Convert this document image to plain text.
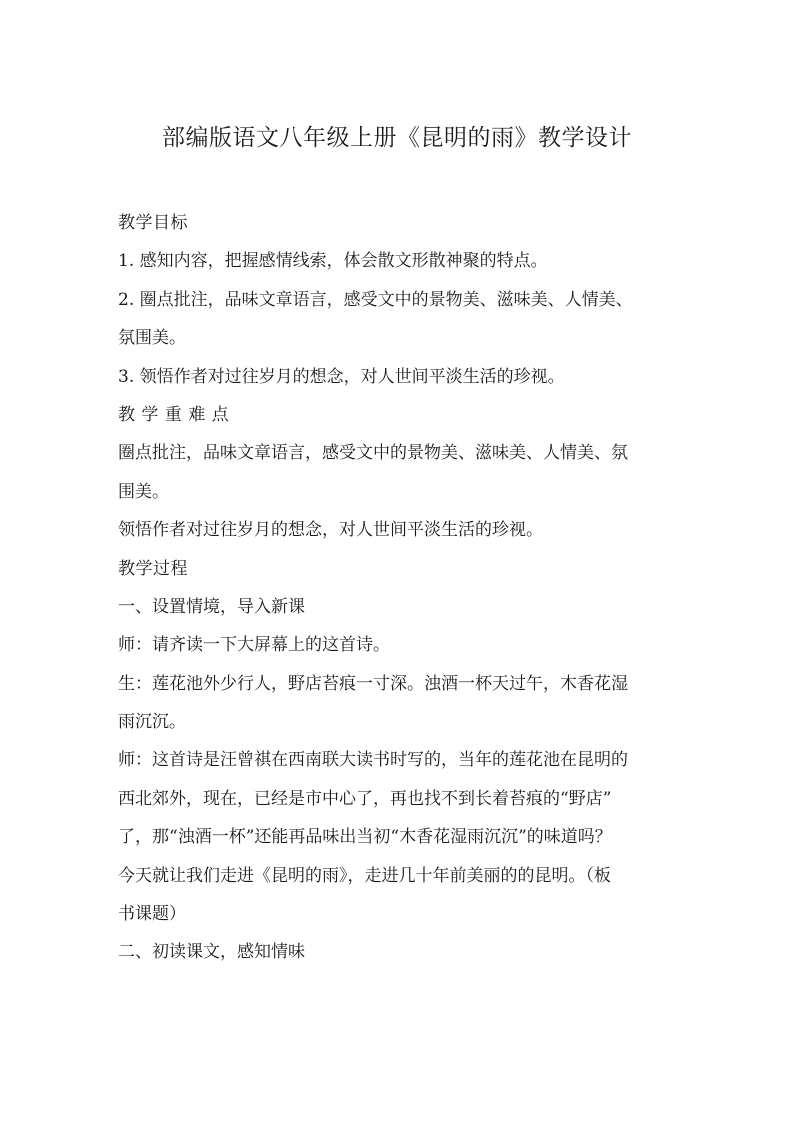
部编版语文八年级上册《昆明的雨》教学设计
教学目标
1. 感知内容，把握感情线索，体会散文形散神聚的特点。
2. 圈点批注，品味文章语言，感受文中的景物美、滋味美、人情美、
氛围美。
3. 领悟作者对过往岁月的想念，对人世间平淡生活的珍视。
教 学 重 难 点
圈点批注，品味文章语言，感受文中的景物美、滋味美、人情美、氛
围美。
领悟作者对过往岁月的想念，对人世间平淡生活的珍视。
教学过程
一、设置情境，导入新课
师：请齐读一下大屏幕上的这首诗。
生：莲花池外少行人，野店苔痕一寸深。浊酒一杯天过午，木香花湿
雨沉沉。
师：这首诗是汪曾祺在西南联大读书时写的，当年的莲花池在昆明的
西北郊外，现在，已经是市中心了，再也找不到长着苔痕的“野店”
了，那“浊酒一杯”还能再品味出当初“木香花湿雨沉沉”的味道吗？
今天就让我们走进《昆明的雨》，走进几十年前美丽的的昆明。（板
书课题）
二、初读课文，感知情味
